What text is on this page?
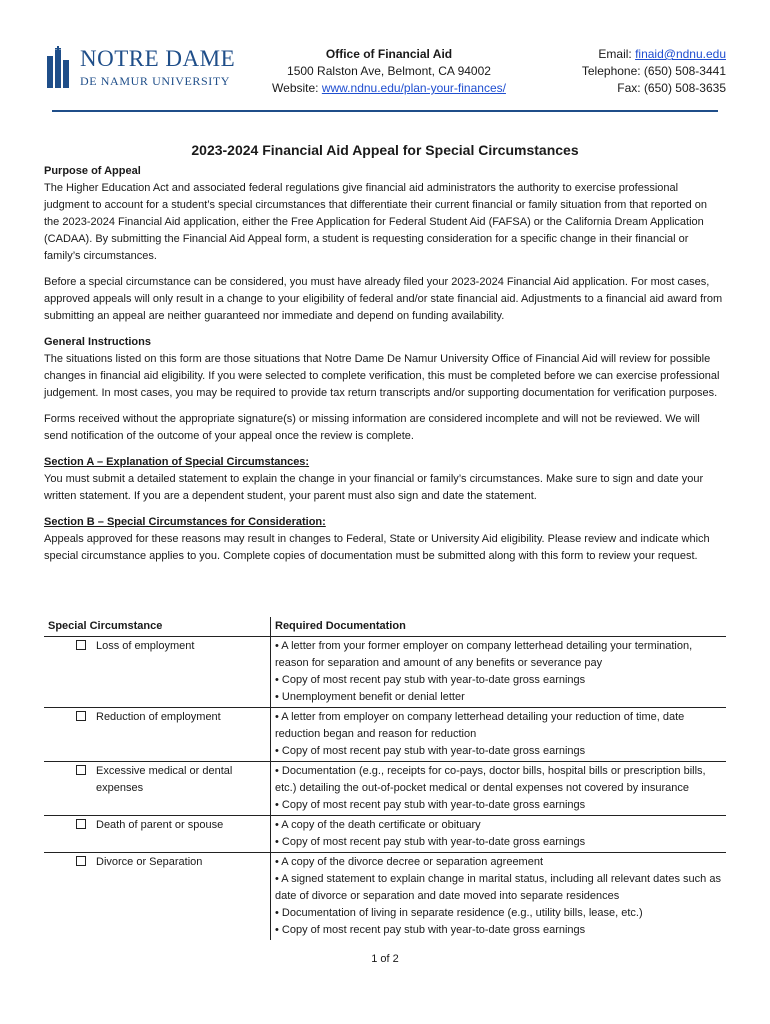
NOTRE DAME
DE NAMUR UNIVERSITY
Office of Financial Aid
1500 Ralston Ave, Belmont, CA 94002
Website: www.ndnu.edu/plan-your-finances/
Email: finaid@ndnu.edu
Telephone: (650) 508-3441
Fax: (650) 508-3635
2023-2024 Financial Aid Appeal for Special Circumstances

Purpose of Appeal

The Higher Education Act and associated federal regulations give financial aid administrators the authority to exercise professional judgment to account for a student’s special circumstances that differentiate their current financial or family situation from that reported on the 2023-2024 Financial Aid application, either the Free Application for Federal Student Aid (FAFSA) or the California Dream Application (CADAA). By submitting the Financial Aid Appeal form, a student is requesting consideration for a specific change in their financial or family’s circumstances.

Before a special circumstance can be considered, you must have already filed your 2023-2024 Financial Aid application. For most cases, approved appeals will only result in a change to your eligibility of federal and/or state financial aid. Adjustments to a financial aid award from submitting an appeal are neither guaranteed nor immediate and depend on funding availability.

General Instructions

The situations listed on this form are those situations that Notre Dame De Namur University Office of Financial Aid will review for possible changes in financial aid eligibility. If you were selected to complete verification, this must be completed before we can exercise professional judgement. In most cases, you may be required to provide tax return transcripts and/or supporting documentation for verification purposes.

Forms received without the appropriate signature(s) or missing information are considered incomplete and will not be reviewed. We will send notification of the outcome of your appeal once the review is complete.

Section A – Explanation of Special Circumstances:

You must submit a detailed statement to explain the change in your financial or family’s circumstances. Make sure to sign and date your written statement. If you are a dependent student, your parent must also sign and date the statement.

Section B – Special Circumstances for Consideration:

Appeals approved for these reasons may result in changes to Federal, State or University Aid eligibility. Please review and indicate which special circumstance applies to you. Complete copies of documentation must be submitted along with this form to review your request.

Special Circumstance	Required Documentation
Loss of employment	• A letter from your former employer on company letterhead detailing your termination, reason for separation and amount of any benefits or severance pay
• Copy of most recent pay stub with year-to-date gross earnings
• Unemployment benefit or denial letter

Reduction of employment	• A letter from employer on company letterhead detailing your reduction of time, date reduction began and reason for reduction
• Copy of most recent pay stub with year-to-date gross earnings

Excessive medical or dental expenses	• Documentation (e.g., receipts for co-pays, doctor bills, hospital bills or prescription bills, etc.) detailing the out-of-pocket medical or dental expenses not covered by insurance
• Copy of most recent pay stub with year-to-date gross earnings

Death of parent or spouse	• A copy of the death certificate or obituary
• Copy of most recent pay stub with year-to-date gross earnings

Divorce or Separation	• A copy of the divorce decree or separation agreement
• A signed statement to explain change in marital status, including all relevant dates such as date of divorce or separation and date moved into separate residences
• Documentation of living in separate residence (e.g., utility bills, lease, etc.)
• Copy of most recent pay stub with year-to-date gross earnings
1 of 2
